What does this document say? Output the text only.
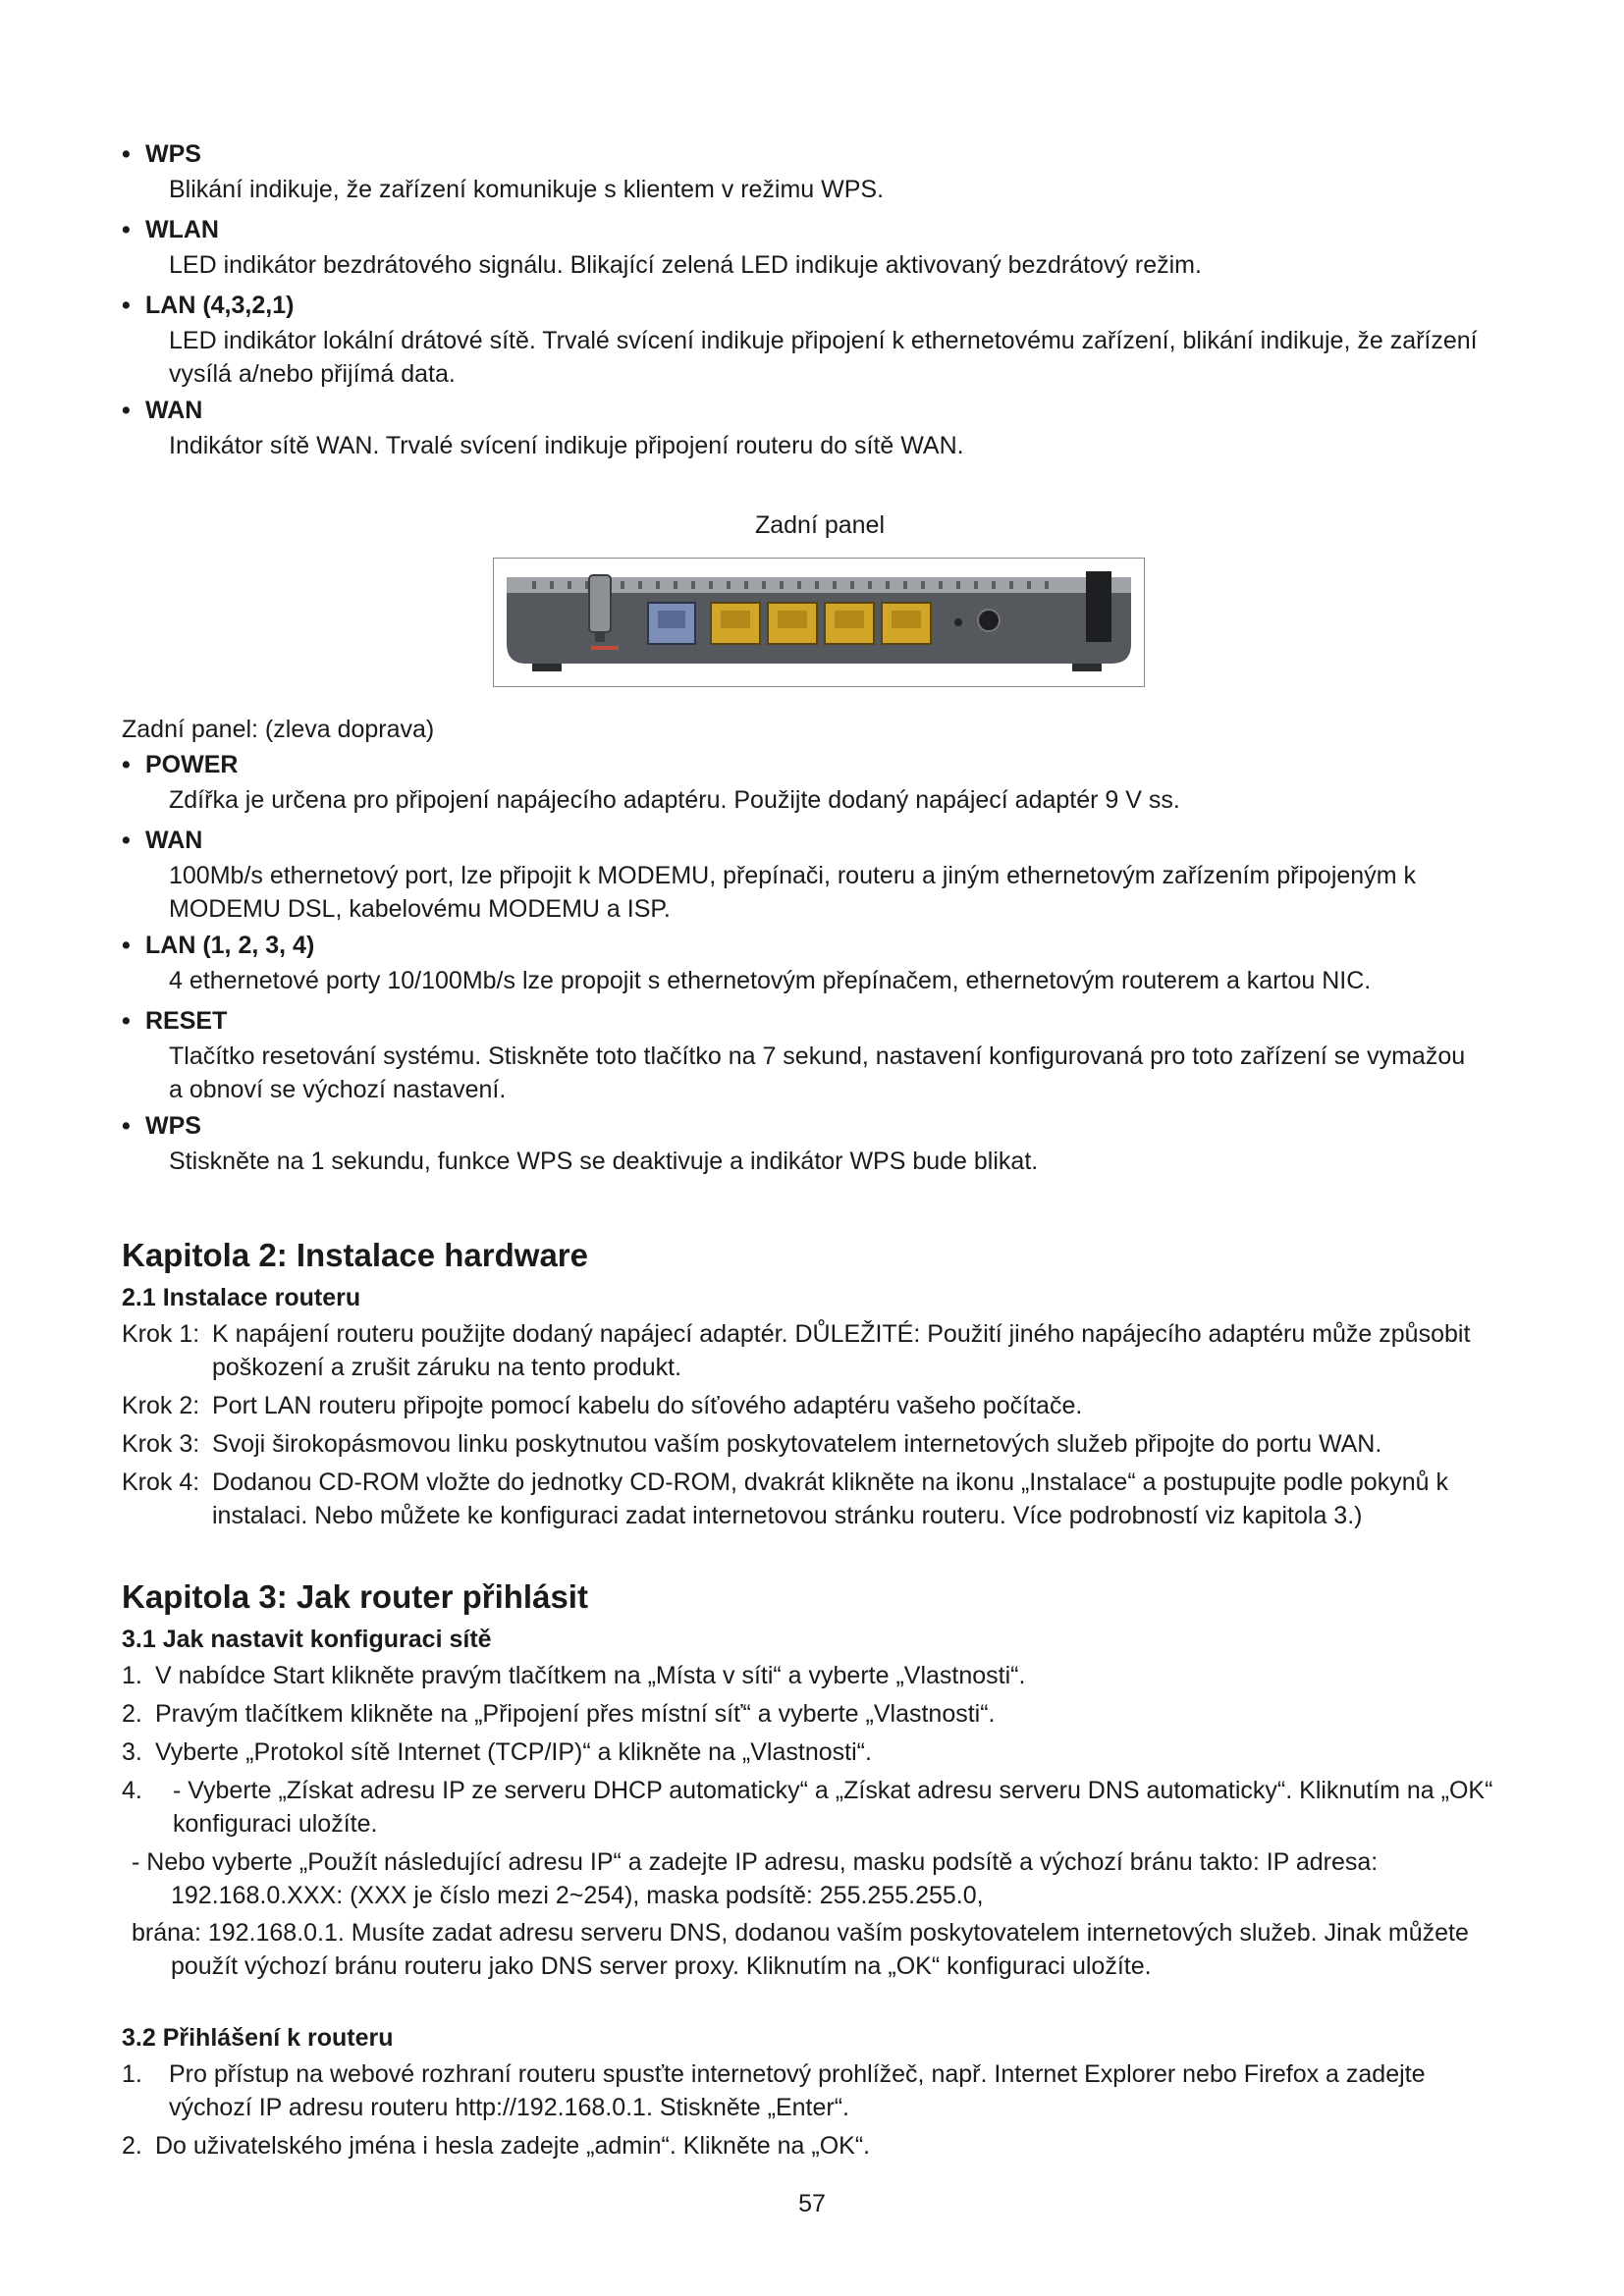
• WPS
Blikání indikuje, že zařízení komunikuje s klientem v režimu WPS.
• WLAN
LED indikátor bezdrátového signálu. Blikající zelená LED indikuje aktivovaný bezdrátový režim.
• LAN (4,3,2,1)
LED indikátor lokální drátové sítě. Trvalé svícení indikuje připojení k ethernetovému zařízení, blikání indikuje, že zařízení vysílá a/nebo přijímá data.
• WAN
Indikátor sítě WAN. Trvalé svícení indikuje připojení routeru do sítě WAN.
Zadní panel
Zadní panel: (zleva doprava)
• POWER
Zdířka je určena pro připojení napájecího adaptéru. Použijte dodaný napájecí adaptér 9 V ss.
• WAN
100Mb/s ethernetový port, lze připojit k MODEMU, přepínači, routeru a jiným ethernetovým zařízením připojeným k MODEMU DSL, kabelovému MODEMU a ISP.
• LAN (1, 2, 3, 4)
4 ethernetové porty 10/100Mb/s lze propojit s ethernetovým přepínačem, ethernetovým routerem a kartou NIC.
• RESET
Tlačítko resetování systému. Stiskněte toto tlačítko na 7 sekund, nastavení konfigurovaná pro toto zařízení se vymažou a obnoví se výchozí nastavení.
• WPS
Stiskněte na 1 sekundu, funkce WPS se deaktivuje a indikátor WPS bude blikat.
Kapitola 2: Instalace hardware
2.1 Instalace routeru
Krok 1: K napájení routeru použijte dodaný napájecí adaptér. DŮLEŽITÉ: Použití jiného napájecího adaptéru může způsobit poškození a zrušit záruku na tento produkt.
Krok 2: Port LAN routeru připojte pomocí kabelu do síťového adaptéru vašeho počítače.
Krok 3: Svoji širokopásmovou linku poskytnutou vaším poskytovatelem internetových služeb připojte do portu WAN.
Krok 4: Dodanou CD-ROM vložte do jednotky CD-ROM, dvakrát klikněte na ikonu „Instalace“ a postupujte podle pokynů k instalaci. Nebo můžete ke konfiguraci zadat internetovou stránku routeru. Více podrobností viz kapitola 3.)
Kapitola 3: Jak router přihlásit
3.1 Jak nastavit konfiguraci sítě
1. V nabídce Start klikněte pravým tlačítkem na „Místa v síti“ a vyberte „Vlastnosti“.
2. Pravým tlačítkem klikněte na „Připojení přes místní síť“ a vyberte „Vlastnosti“.
3. Vyberte „Protokol sítě Internet (TCP/IP)“ a klikněte na „Vlastnosti“.
4.	- Vyberte „Získat adresu IP ze serveru DHCP automaticky“ a „Získat adresu serveru DNS automaticky“. Kliknutím na „OK“ konfiguraci uložíte.
- Nebo vyberte „Použít následující adresu IP“ a zadejte IP adresu, masku podsítě a výchozí bránu takto: IP adresa: 192.168.0.XXX: (XXX je číslo mezi 2~254), maska podsítě: 255.255.255.0,
brána: 192.168.0.1. Musíte zadat adresu serveru DNS, dodanou vaším poskytovatelem internetových služeb. Jinak můžete použít výchozí bránu routeru jako DNS server proxy. Kliknutím na „OK“ konfiguraci uložíte.
3.2 Přihlášení k routeru
1. Pro přístup na webové rozhraní routeru spusťte internetový prohlížeč, např. Internet Explorer nebo Firefox a zadejte výchozí IP adresu routeru http://192.168.0.1. Stiskněte „Enter“.
2. Do uživatelského jména i hesla zadejte „admin“. Klikněte na „OK“.
57
